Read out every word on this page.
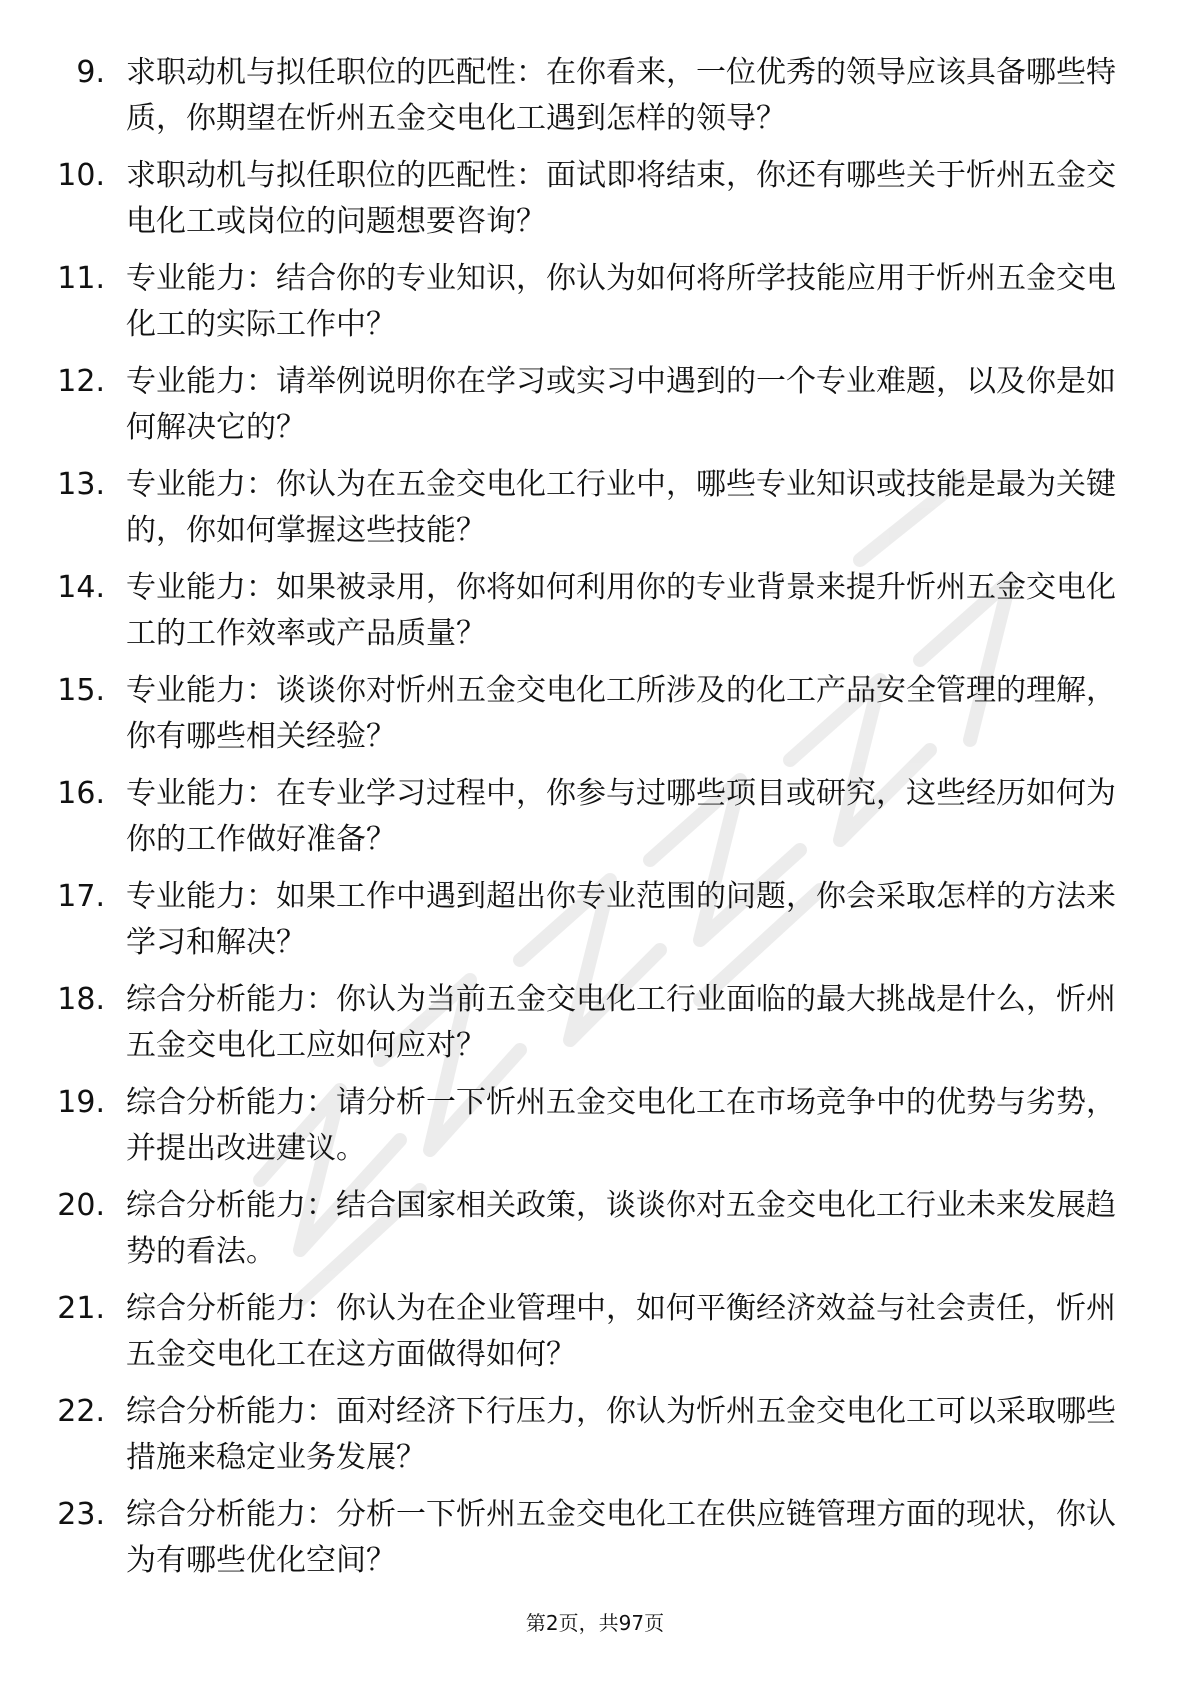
9. 求职动机与拟任职位的匹配性：在你看来，一位优秀的领导应该具备哪些特质，你期望在忻州五金交电化工遇到怎样的领导？
10. 求职动机与拟任职位的匹配性：面试即将结束，你还有哪些关于忻州五金交电化工或岗位的问题想要咨询？
11. 专业能力：结合你的专业知识，你认为如何将所学技能应用于忻州五金交电化工的实际工作中？
12. 专业能力：请举例说明你在学习或实习中遇到的一个专业难题，以及你是如何解决它的？
13. 专业能力：你认为在五金交电化工行业中，哪些专业知识或技能是最为关键的，你如何掌握这些技能？
14. 专业能力：如果被录用，你将如何利用你的专业背景来提升忻州五金交电化工的工作效率或产品质量？
15. 专业能力：谈谈你对忻州五金交电化工所涉及的化工产品安全管理的理解，你有哪些相关经验？
16. 专业能力：在专业学习过程中，你参与过哪些项目或研究，这些经历如何为你的工作做好准备？
17. 专业能力：如果工作中遇到超出你专业范围的问题，你会采取怎样的方法来学习和解决？
18. 综合分析能力：你认为当前五金交电化工行业面临的最大挑战是什么，忻州五金交电化工应如何应对？
19. 综合分析能力：请分析一下忻州五金交电化工在市场竞争中的优势与劣势，并提出改进建议。
20. 综合分析能力：结合国家相关政策，谈谈你对五金交电化工行业未来发展趋势的看法。
21. 综合分析能力：你认为在企业管理中，如何平衡经济效益与社会责任，忻州五金交电化工在这方面做得如何？
22. 综合分析能力：面对经济下行压力，你认为忻州五金交电化工可以采取哪些措施来稳定业务发展？
23. 综合分析能力：分析一下忻州五金交电化工在供应链管理方面的现状，你认为有哪些优化空间？
第2页，共97页
